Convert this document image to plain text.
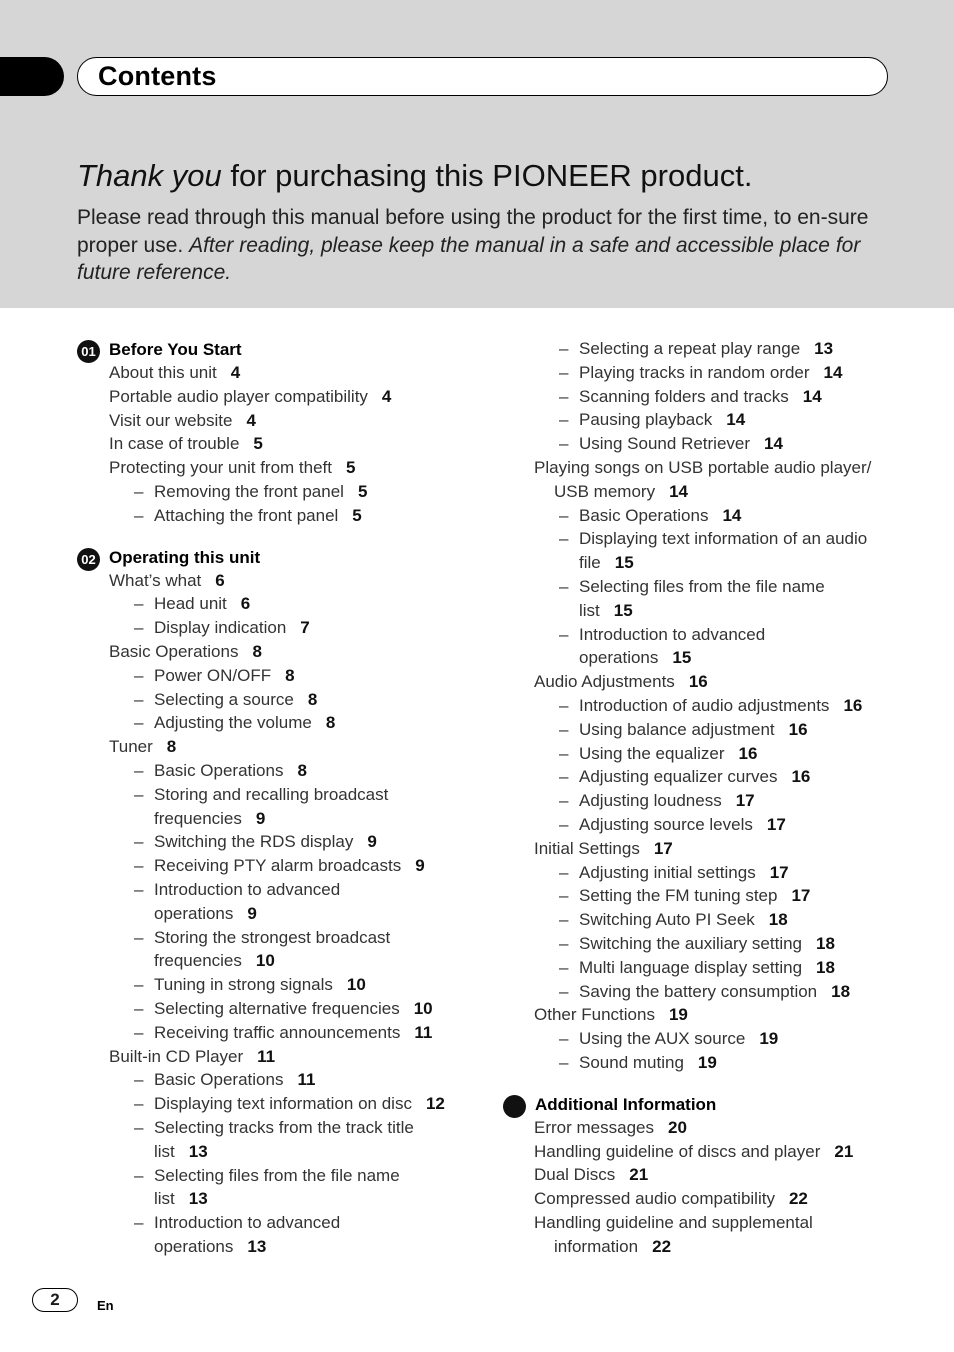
Contents
Thank you for purchasing this PIONEER product.

Please read through this manual before using the product for the first time, to en-sure proper use. After reading, please keep the manual in a safe and accessible place for future reference.

01 Before You Start
About this unit 4
Portable audio player compatibility 4
Visit our website 4
In case of trouble 5
Protecting your unit from theft 5
– Removing the front panel 5
– Attaching the front panel 5
02 Operating this unit
What’s what 6
– Head unit 6
– Display indication 7
Basic Operations 8
– Power ON/OFF 8
– Selecting a source 8
– Adjusting the volume 8
Tuner 8
– Basic Operations 8
– Storing and recalling broadcast
frequencies 9
– Switching the RDS display 9
– Receiving PTY alarm broadcasts 9
– Introduction to advanced
operations 9
– Storing the strongest broadcast
frequencies 10
– Tuning in strong signals 10
– Selecting alternative frequencies 10
– Receiving traffic announcements 11
Built-in CD Player 11
– Basic Operations 11
– Displaying text information on disc 12
– Selecting tracks from the track title
list 13
– Selecting files from the file name
list 13
– Introduction to advanced
operations 13
– Selecting a repeat play range 13
– Playing tracks in random order 14
– Scanning folders and tracks 14
– Pausing playback 14
– Using Sound Retriever 14
Playing songs on USB portable audio player/
USB memory 14
– Basic Operations 14
– Displaying text information of an audio
file 15
– Selecting files from the file name
list 15
– Introduction to advanced
operations 15
Audio Adjustments 16
– Introduction of audio adjustments 16
– Using balance adjustment 16
– Using the equalizer 16
– Adjusting equalizer curves 16
– Adjusting loudness 17
– Adjusting source levels 17
Initial Settings 17
– Adjusting initial settings 17
– Setting the FM tuning step 17
– Switching Auto PI Seek 18
– Switching the auxiliary setting 18
– Multi language display setting 18
– Saving the battery consumption 18
Other Functions 19
– Using the AUX source 19
– Sound muting 19
Additional Information
Error messages 20
Handling guideline of discs and player 21
Dual Discs 21
Compressed audio compatibility 22
Handling guideline and supplemental
information 22
2	En
